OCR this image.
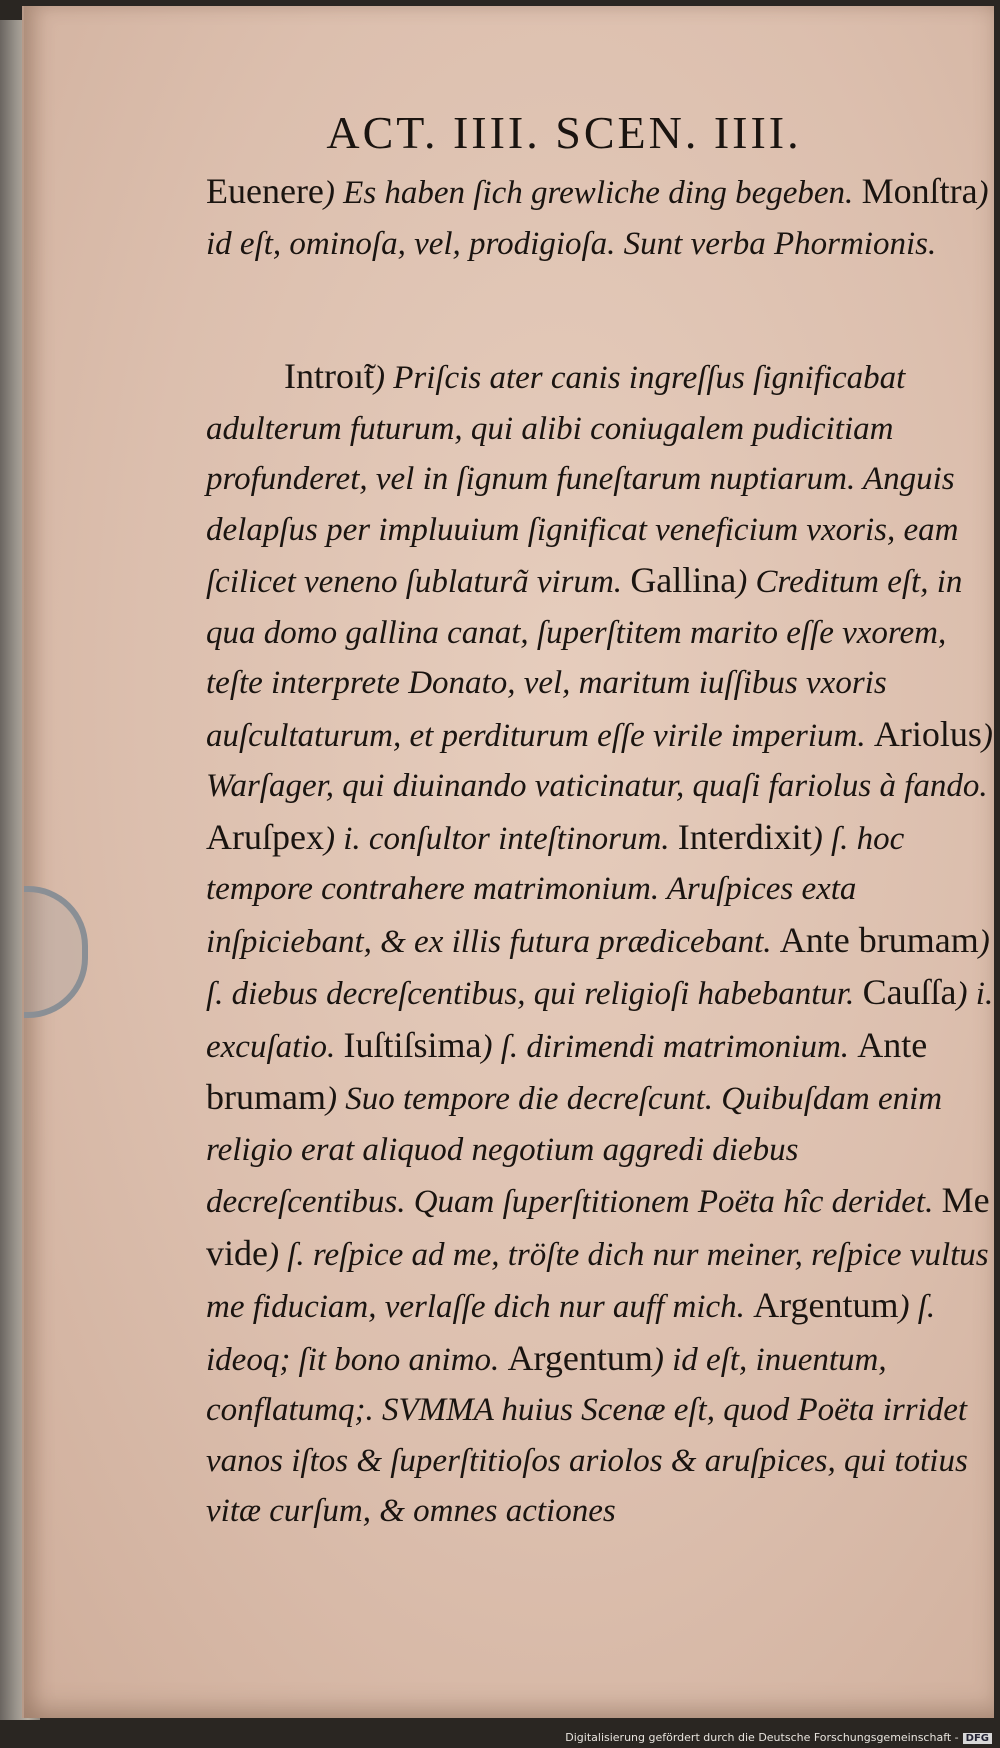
ACT. IIII. SCEN. IIII.

Euenere) Es haben ſich grewliche ding begeben. Monſtra) id eſt, ominoſa, vel, prodigioſa. Sunt verba Phormionis.

Introı̃t) Priſcis ater canis ingreſſus ſignificabat adulterum futurum, qui alibi coniugalem pudicitiam profunderet, vel in ſignum funeſtarum nuptiarum. Anguis delapſus per impluuium ſignificat veneficium vxoris, eam ſcilicet veneno ſublaturã virum. Gallina) Creditum eſt, in qua domo gallina canat, ſuperſtitem marito eſſe vxorem, teſte interprete Donato, vel, maritum iuſſibus vxoris auſcultaturum, et perditurum eſſe virile imperium. Ariolus) Warſager, qui diuinando vaticinatur, quaſi fariolus à fando. Aruſpex) i. conſultor inteſtinorum. Interdixit) ſ. hoc tempore contrahere matrimonium. Aruſpices exta inſpiciebant, & ex illis futura prædicebant. Ante brumam) ſ. diebus decreſcentibus, qui religioſi habebantur. Cauſſa) i. excuſatio. Iuſtiſsima) ſ. dirimendi matrimonium. Ante brumam) Suo tempore die decreſcunt. Quibuſdam enim religio erat aliquod negotium aggredi diebus decreſcentibus. Quam ſuperſtitionem Poëta hîc deridet. Me vide) ſ. reſpice ad me, tröſte dich nur meiner, reſpice vultus me fiduciam, verlaſſe dich nur auff mich. Argentum) ſ. ideoq; ſit bono animo. Argentum) id eſt, inuentum, conflatumq;. SVMMA huius Scenæ eſt, quod Poëta irridet vanos iſtos & ſuperſtitioſos ariolos & aruſpices, qui totius vitæ curſum, & omnes actiones

Digitalisierung gefördert durch die Deutsche Forschungsgemeinschaft - DFG
